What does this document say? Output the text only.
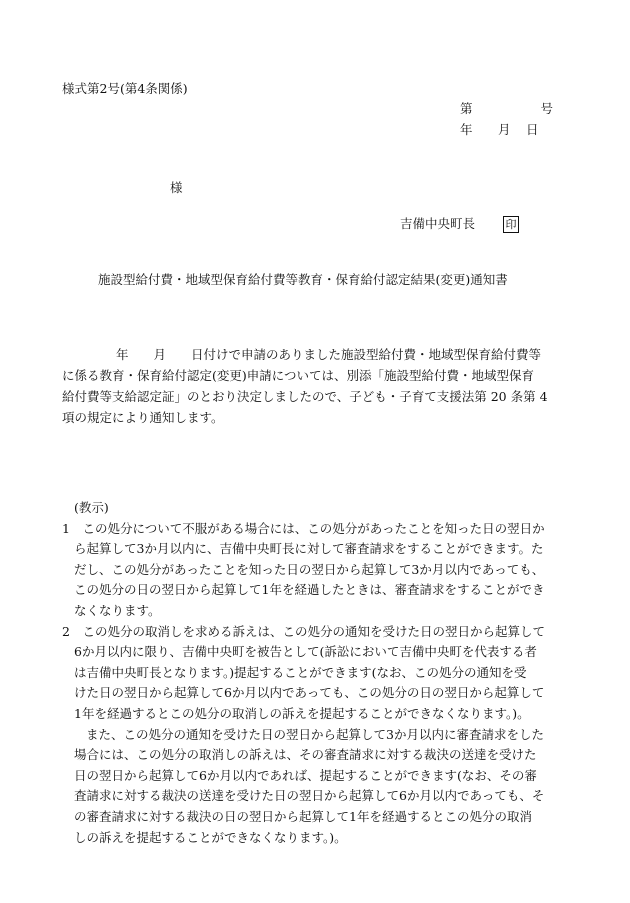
様式第2号(第4条関係)
第	号
年 月 日
様
吉備中央町長	印
施設型給付費・地域型保育給付費等教育・保育給付認定結果(変更)通知書
年　　月　　日付けで申請のありました施設型給付費・地域型保育給付費等
に係る教育・保育給付認定(変更)申請については、別添「施設型給付費・地域型保育
給付費等支給認定証」のとおり決定しましたので、子ども・子育て支援法第 20 条第 4
項の規定により通知します。
(教示)
1　この処分について不服がある場合には、この処分があったことを知った日の翌日か
ら起算して3か月以内に、吉備中央町長に対して審査請求をすることができます。た
だし、この処分があったことを知った日の翌日から起算して3か月以内であっても、
この処分の日の翌日から起算して1年を経過したときは、審査請求をすることができ
なくなります。
2　この処分の取消しを求める訴えは、この処分の通知を受けた日の翌日から起算して
6か月以内に限り、吉備中央町を被告として(訴訟において吉備中央町を代表する者
は吉備中央町長となります。)提起することができます(なお、この処分の通知を受
けた日の翌日から起算して6か月以内であっても、この処分の日の翌日から起算して
1年を経過するとこの処分の取消しの訴えを提起することができなくなります。)。
また、この処分の通知を受けた日の翌日から起算して3か月以内に審査請求をした
場合には、この処分の取消しの訴えは、その審査請求に対する裁決の送達を受けた
日の翌日から起算して6か月以内であれば、提起することができます(なお、その審
査請求に対する裁決の送達を受けた日の翌日から起算して6か月以内であっても、そ
の審査請求に対する裁決の日の翌日から起算して1年を経過するとこの処分の取消
しの訴えを提起することができなくなります。)。
